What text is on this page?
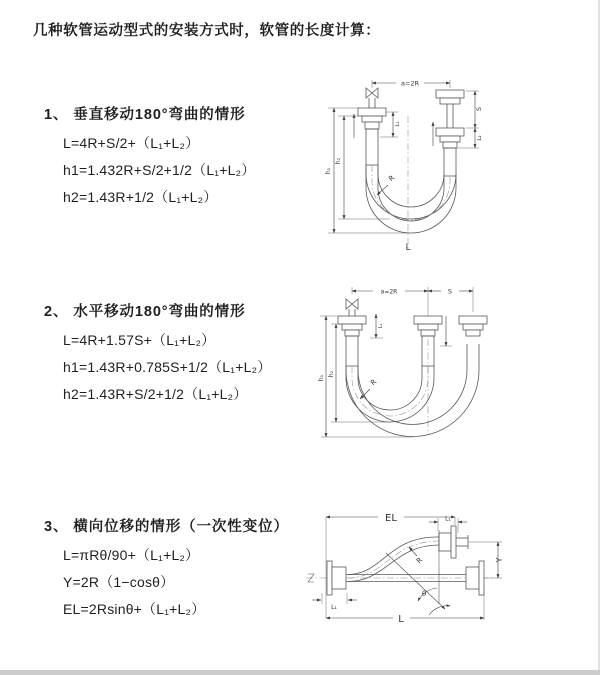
几种软管运动型式的安装方式时，软管的长度计算：
1、 垂直移动180°弯曲的情形
L=4R+S/2+（L₁+L₂）
h1=1.432R+S/2+1/2（L₁+L₂）
h2=1.43R+1/2（L₁+L₂）
2、 水平移动180°弯曲的情形
L=4R+1.57S+（L₁+L₂）
h1=1.43R+0.785S+1/2（L₁+L₂）
h2=1.43R+S/2+1/2（L₁+L₂）
3、 横向位移的情形（一次性变位）
L=πRθ/90+（L₁+L₂）
Y=2R（1−cosθ）
EL=2Rsinθ+（L₁+L₂）
a=2R
S
L₂
L₁
h₁
h₂
R
L
a=2R	S
L₁
h₁
h₂
R
θ
EL	L₁
Y
R
L
L₁
